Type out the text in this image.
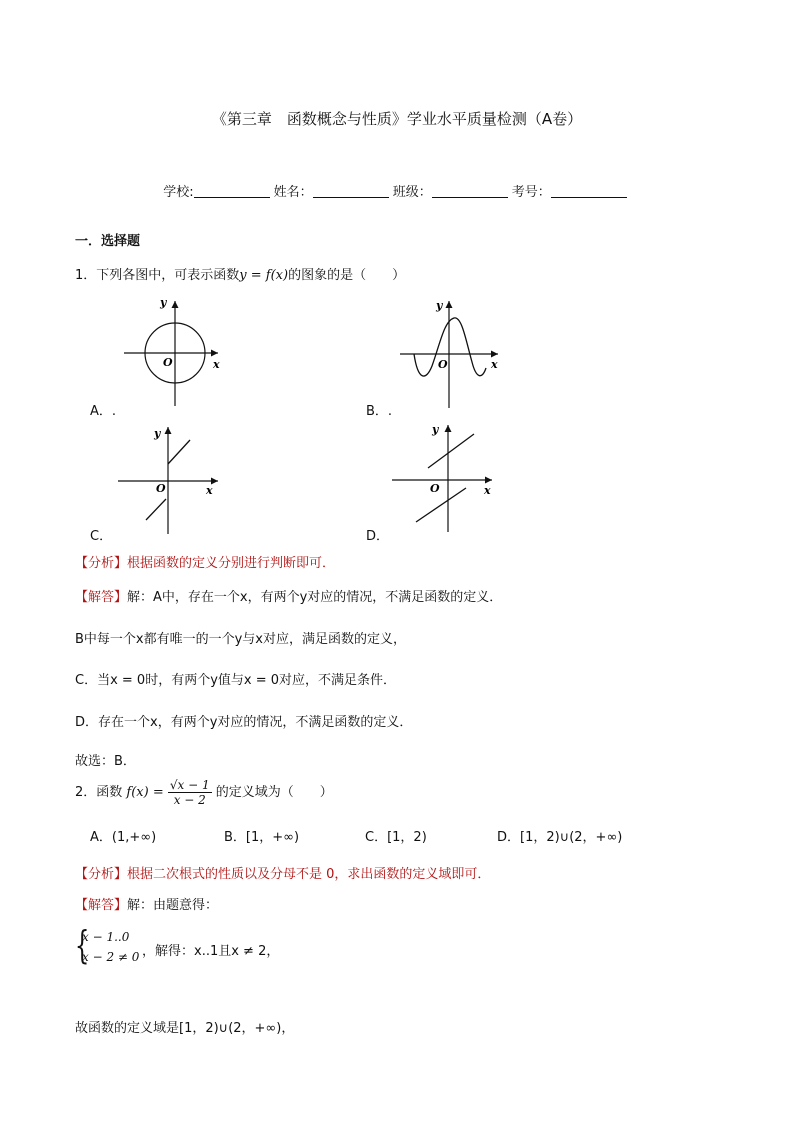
《第三章　函数概念与性质》学业水平质量检测（A卷）
学校:	姓名：	班级：	考号：
一．选择题
1．下列各图中，可表示函数y = f(x)的图象的是（　　）
y
x
O
A．.
y
x
O
B．.
y
x
O
C．
y
x
O
D．
【分析】根据函数的定义分别进行判断即可．
【解答】解：A中，存在一个x，有两个y对应的情况，不满足函数的定义．
B中每一个x都有唯一的一个y与x对应，满足函数的定义，
C．当x = 0时，有两个y值与x = 0对应，不满足条件．
D．存在一个x，有两个y对应的情况，不满足函数的定义．
故选：B．
2．函数 $f(x) = \frac{√x - 1}{x - 2}$ 的定义域为（　　）
A．(1,+∞)	B．[1，+∞)	C．[1，2)	D．[1，2)∪(2，+∞)
【分析】根据二次根式的性质以及分母不是 0，求出函数的定义域即可．
【解答】解：由题意得：
{
x − 1..0
x − 2 ≠ 0 ，解得：x..1且x ≠ 2，
故函数的定义域是[1，2)∪(2，+∞)，
